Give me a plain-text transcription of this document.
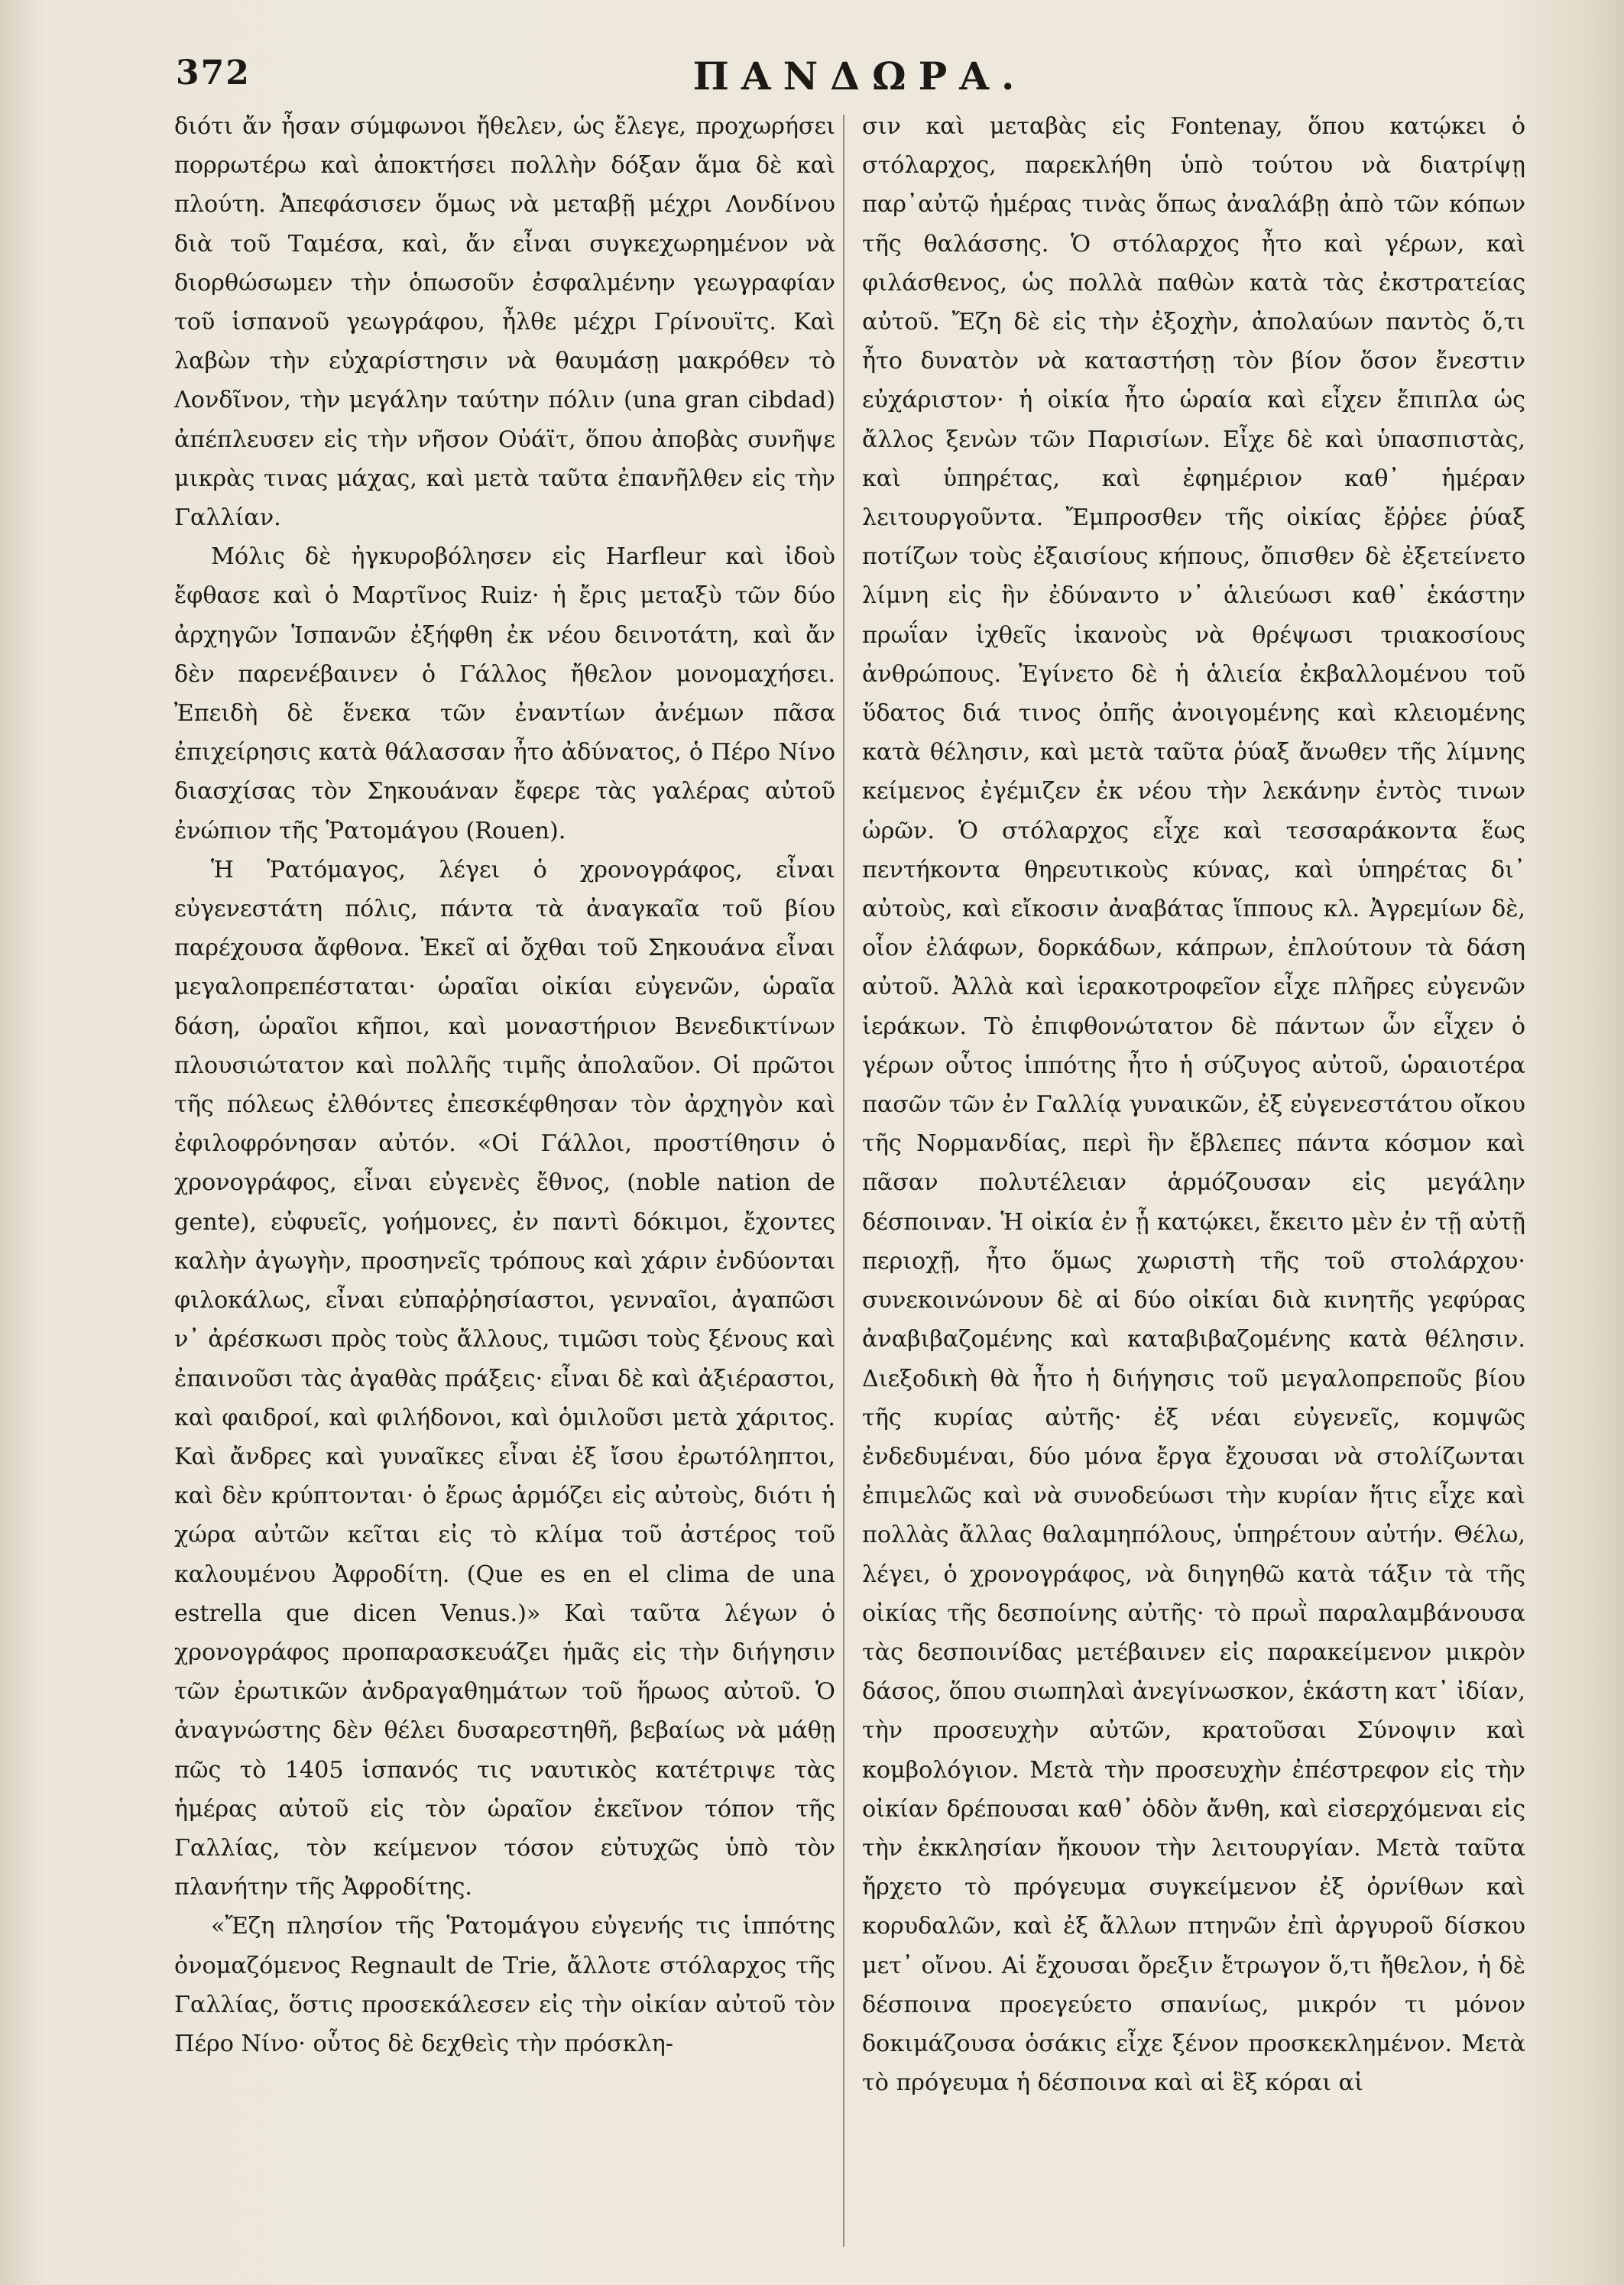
372	ΠΑΝΔΩΡΑ.

διότι ἄν ἦσαν σύμφωνοι ἤθελεν, ὡς ἔλεγε, προχωρήσει πορρωτέρω καὶ ἀποκτήσει πολλὴν δόξαν ἅμα δὲ καὶ πλούτη. Ἀπεφάσισεν ὅμως νὰ μεταβῇ μέχρι Λονδίνου διὰ τοῦ Ταμέσα, καὶ, ἄν εἶναι συγκεχωρημένον νὰ διορθώσωμεν τὴν ὁπωσοῦν ἐσφαλμένην γεωγραφίαν τοῦ ἱσπανοῦ γεωγράφου, ἦλθε μέχρι Γρίνουϊτς. Καὶ λαβὼν τὴν εὐχαρίστησιν νὰ θαυμάσῃ μακρόθεν τὸ Λονδῖνον, τὴν μεγάλην ταύτην πόλιν (una gran cibdad) ἀπέπλευσεν εἰς τὴν νῆσον Οὐάϊτ, ὅπου ἀποβὰς συνῆψε μικρὰς τινας μάχας, καὶ μετὰ ταῦτα ἐπανῆλθεν εἰς τὴν Γαλλίαν.

Μόλις δὲ ἠγκυροβόλησεν εἰς Harfleur καὶ ἰδοὺ ἔφθασε καὶ ὁ Μαρτῖνος Ruiz· ἡ ἔρις μεταξὺ τῶν δύο ἀρχηγῶν Ἱσπανῶν ἐξήφθη ἐκ νέου δεινοτάτη, καὶ ἄν δὲν παρενέβαινεν ὁ Γάλλος ἤθελον μονομαχήσει. Ἐπειδὴ δὲ ἕνεκα τῶν ἐναντίων ἀνέμων πᾶσα ἐπιχείρησις κατὰ θάλασσαν ἦτο ἀδύνατος, ὁ Πέρο Νίνο διασχίσας τὸν Σηκουάναν ἔφερε τὰς γαλέρας αὐτοῦ ἐνώπιον τῆς Ῥατομάγου (Rouen).

Ἡ Ῥατόμαγος, λέγει ὁ χρονογράφος, εἶναι εὐγενεστάτη πόλις, πάντα τὰ ἀναγκαῖα τοῦ βίου παρέχουσα ἄφθονα. Ἐκεῖ αἱ ὄχθαι τοῦ Σηκουάνα εἶναι μεγαλοπρεπέσταται· ὡραῖαι οἰκίαι εὐγενῶν, ὡραῖα δάση, ὡραῖοι κῆποι, καὶ μοναστήριον Βενεδικτίνων πλουσιώτατον καὶ πολλῆς τιμῆς ἀπολαῦον. Οἱ πρῶτοι τῆς πόλεως ἐλθόντες ἐπεσκέφθησαν τὸν ἀρχηγὸν καὶ ἐφιλοφρόνησαν αὐτόν. «Οἱ Γάλλοι, προστίθησιν ὁ χρονογράφος, εἶναι εὐγενὲς ἔθνος, (noble nation de gente), εὐφυεῖς, γοήμονες, ἐν παντὶ δόκιμοι, ἔχοντες καλὴν ἀγωγὴν, προσηνεῖς τρόπους καὶ χάριν ἐνδύονται φιλοκάλως, εἶναι εὐπαῤῥησίαστοι, γενναῖοι, ἀγαπῶσι ν᾿ ἀρέσκωσι πρὸς τοὺς ἄλλους, τιμῶσι τοὺς ξένους καὶ ἐπαινοῦσι τὰς ἀγαθὰς πράξεις· εἶναι δὲ καὶ ἀξιέραστοι, καὶ φαιδροί, καὶ φιλήδονοι, καὶ ὁμιλοῦσι μετὰ χάριτος. Καὶ ἄνδρες καὶ γυναῖκες εἶναι ἐξ ἴσου ἐρωτόληπτοι, καὶ δὲν κρύπτονται· ὁ ἔρως ἁρμόζει εἰς αὐτοὺς, διότι ἡ χώρα αὐτῶν κεῖται εἰς τὸ κλίμα τοῦ ἀστέρος τοῦ καλουμένου Ἀφροδίτη. (Que es en el clima de una estrella que dicen Venus.)» Καὶ ταῦτα λέγων ὁ χρονογράφος προπαρασκευάζει ἡμᾶς εἰς τὴν διήγησιν τῶν ἐρωτικῶν ἀνδραγαθημάτων τοῦ ἥρωος αὐτοῦ. Ὁ ἀναγνώστης δὲν θέλει δυσαρεστηθῆ, βεβαίως νὰ μάθῃ πῶς τὸ 1405 ἱσπανός τις ναυτικὸς κατέτριψε τὰς ἡμέρας αὐτοῦ εἰς τὸν ὡραῖον ἐκεῖνον τόπον τῆς Γαλλίας, τὸν κείμενον τόσον εὐτυχῶς ὑπὸ τὸν πλανήτην τῆς Ἀφροδίτης.

«Ἔζη πλησίον τῆς Ῥατομάγου εὐγενής τις ἱππότης ὀνομαζόμενος Regnault de Trie, ἄλλοτε στόλαρχος τῆς Γαλλίας, ὅστις προσεκάλεσεν εἰς τὴν οἰκίαν αὐτοῦ τὸν Πέρο Νίνο· οὗτος δὲ δεχθεὶς τὴν πρόσκλη-

σιν καὶ μεταβὰς εἰς Fontenay, ὅπου κατῴκει ὁ στόλαρχος, παρεκλήθη ὑπὸ τούτου νὰ διατρίψῃ παρ᾿αὐτῷ ἡμέρας τινὰς ὅπως ἀναλάβῃ ἀπὸ τῶν κόπων τῆς θαλάσσης. Ὁ στόλαρχος ἦτο καὶ γέρων, καὶ φιλάσθενος, ὡς πολλὰ παθὼν κατὰ τὰς ἐκστρατείας αὐτοῦ. Ἔζη δὲ εἰς τὴν ἐξοχὴν, ἀπολαύων παντὸς ὅ,τι ἦτο δυνατὸν νὰ καταστήσῃ τὸν βίον ὅσον ἔνεστιν εὐχάριστον· ἡ οἰκία ἦτο ὡραία καὶ εἶχεν ἔπιπλα ὡς ἄλλος ξενὼν τῶν Παρισίων. Εἶχε δὲ καὶ ὑπασπιστὰς, καὶ ὑπηρέτας, καὶ ἐφημέριον καθ᾿ ἡμέραν λειτουργοῦντα. Ἔμπροσθεν τῆς οἰκίας ἔῤῥεε ῥύαξ ποτίζων τοὺς ἐξαισίους κήπους, ὄπισθεν δὲ ἐξετείνετο λίμνη εἰς ἣν ἐδύναντο ν᾿ ἁλιεύωσι καθ᾿ ἑκάστην πρωΐαν ἰχθεῖς ἱκανοὺς νὰ θρέψωσι τριακοσίους ἀνθρώπους. Ἐγίνετο δὲ ἡ ἁλιεία ἐκβαλλομένου τοῦ ὕδατος διά τινος ὀπῆς ἀνοιγομένης καὶ κλειομένης κατὰ θέλησιν, καὶ μετὰ ταῦτα ῥύαξ ἄνωθεν τῆς λίμνης κείμενος ἐγέμιζεν ἐκ νέου τὴν λεκάνην ἐντὸς τινων ὡρῶν. Ὁ στόλαρχος εἶχε καὶ τεσσαράκοντα ἕως πεντήκοντα θηρευτικοὺς κύνας, καὶ ὑπηρέτας δι᾿ αὐτοὺς, καὶ εἴκοσιν ἀναβάτας ἵππους κλ. Ἀγρεμίων δὲ, οἷον ἐλάφων, δορκάδων, κάπρων, ἐπλούτουν τὰ δάση αὐτοῦ. Ἀλλὰ καὶ ἱερακοτροφεῖον εἶχε πλῆρες εὐγενῶν ἱεράκων. Τὸ ἐπιφθονώτατον δὲ πάντων ὧν εἶχεν ὁ γέρων οὗτος ἱππότης ἦτο ἡ σύζυγος αὐτοῦ, ὡραιοτέρα πασῶν τῶν ἐν Γαλλίᾳ γυναικῶν, ἐξ εὐγενεστάτου οἴκου τῆς Νορμανδίας, περὶ ἣν ἔβλεπες πάντα κόσμον καὶ πᾶσαν πολυτέλειαν ἁρμόζουσαν εἰς μεγάλην δέσποιναν. Ἡ οἰκία ἐν ᾗ κατῴκει, ἔκειτο μὲν ἐν τῇ αὐτῇ περιοχῇ, ἦτο ὅμως χωριστὴ τῆς τοῦ στολάρχου· συνεκοινώνουν δὲ αἱ δύο οἰκίαι διὰ κινητῆς γεφύρας ἀναβιβαζομένης καὶ καταβιβαζομένης κατὰ θέλησιν. Διεξοδικὴ θὰ ἦτο ἡ διήγησις τοῦ μεγαλοπρεποῦς βίου τῆς κυρίας αὐτῆς· ἐξ νέαι εὐγενεῖς, κομψῶς ἐνδεδυμέναι, δύο μόνα ἔργα ἔχουσαι νὰ στολίζωνται ἐπιμελῶς καὶ νὰ συνοδεύωσι τὴν κυρίαν ἥτις εἶχε καὶ πολλὰς ἄλλας θαλαμηπόλους, ὑπηρέτουν αὐτήν. Θέλω, λέγει, ὁ χρονογράφος, νὰ διηγηθῶ κατὰ τάξιν τὰ τῆς οἰκίας τῆς δεσποίνης αὐτῆς· τὸ πρωῒ παραλαμβάνουσα τὰς δεσποινίδας μετέβαινεν εἰς παρακείμενον μικρὸν δάσος, ὅπου σιωπηλαὶ ἀνεγίνωσκον, ἑκάστη κατ᾿ ἰδίαν, τὴν προσευχὴν αὐτῶν, κρατοῦσαι Σύνοψιν καὶ κομβολόγιον. Μετὰ τὴν προσευχὴν ἐπέστρεφον εἰς τὴν οἰκίαν δρέπουσαι καθ᾿ ὁδὸν ἄνθη, καὶ εἰσερχόμεναι εἰς τὴν ἐκκλησίαν ἤκουον τὴν λειτουργίαν. Μετὰ ταῦτα ἤρχετο τὸ πρόγευμα συγκείμενον ἐξ ὀρνίθων καὶ κορυδαλῶν, καὶ ἐξ ἄλλων πτηνῶν ἐπὶ ἀργυροῦ δίσκου μετ᾿ οἴνου. Αἱ ἔχουσαι ὄρεξιν ἔτρωγον ὅ,τι ἤθελον, ἡ δὲ δέσποινα προεγεύετο σπανίως, μικρόν τι μόνον δοκιμάζουσα ὁσάκις εἶχε ξένον προσκεκλημένον. Μετὰ τὸ πρόγευμα ἡ δέσποινα καὶ αἱ ἓξ κόραι αἱ
